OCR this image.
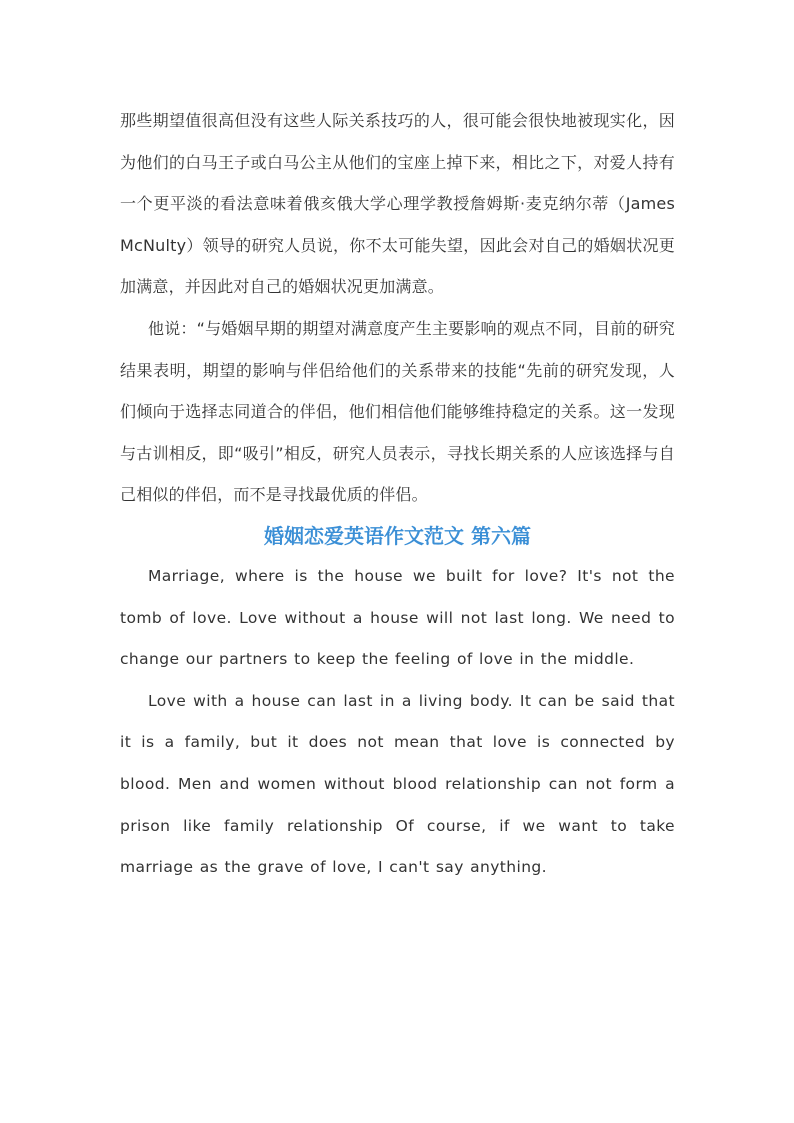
那些期望值很高但没有这些人际关系技巧的人，很可能会很快地被现实化，因为他们的白马王子或白马公主从他们的宝座上掉下来，相比之下，对爱人持有一个更平淡的看法意味着俄亥俄大学心理学教授詹姆斯·麦克纳尔蒂（James McNulty）领导的研究人员说，你不太可能失望，因此会对自己的婚姻状况更加满意，并因此对自己的婚姻状况更加满意。

他说：“与婚姻早期的期望对满意度产生主要影响的观点不同，目前的研究结果表明，期望的影响与伴侣给他们的关系带来的技能“先前的研究发现，人们倾向于选择志同道合的伴侣，他们相信他们能够维持稳定的关系。这一发现与古训相反，即“吸引”相反，研究人员表示，寻找长期关系的人应该选择与自己相似的伴侣，而不是寻找最优质的伴侣。

婚姻恋爱英语作文范文 第六篇

Marriage, where is the house we built for love? It's not the tomb of love. Love without a house will not last long. We need to change our partners to keep the feeling of love in the middle.

Love with a house can last in a living body. It can be said that it is a family, but it does not mean that love is connected by blood. Men and women without blood relationship can not form a prison like family relationship Of course, if we want to take marriage as the grave of love, I can't say anything.
